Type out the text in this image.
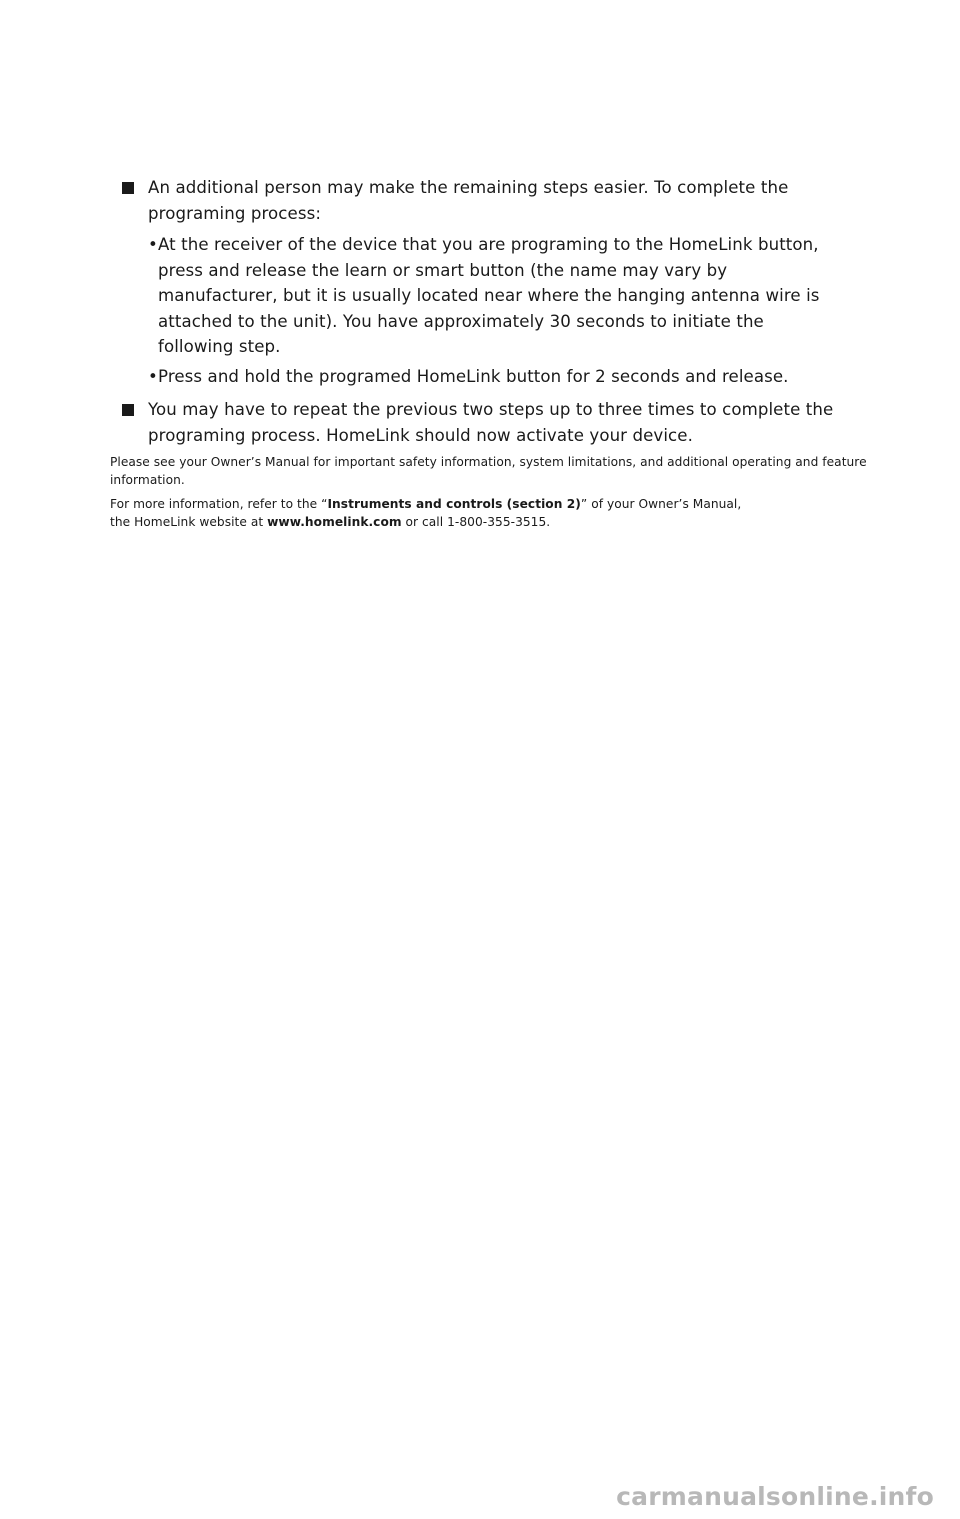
An additional person may make the remaining steps easier. To complete the programing process:
• At the receiver of the device that you are programing to the HomeLink button, press and release the learn or smart button (the name may vary by manufacturer, but it is usually located near where the hanging antenna wire is attached to the unit). You have approximately 30 seconds to initiate the following step.
• Press and hold the programed HomeLink button for 2 seconds and release.
You may have to repeat the previous two steps up to three times to complete the programing process. HomeLink should now activate your device.
Please see your Owner’s Manual for important safety information, system limitations, and additional operating and feature information.
For more information, refer to the “Instruments and controls (section 2)” of your Owner’s Manual,
the HomeLink website at www.homelink.com or call 1-800-355-3515.
carmanualsonline.info
